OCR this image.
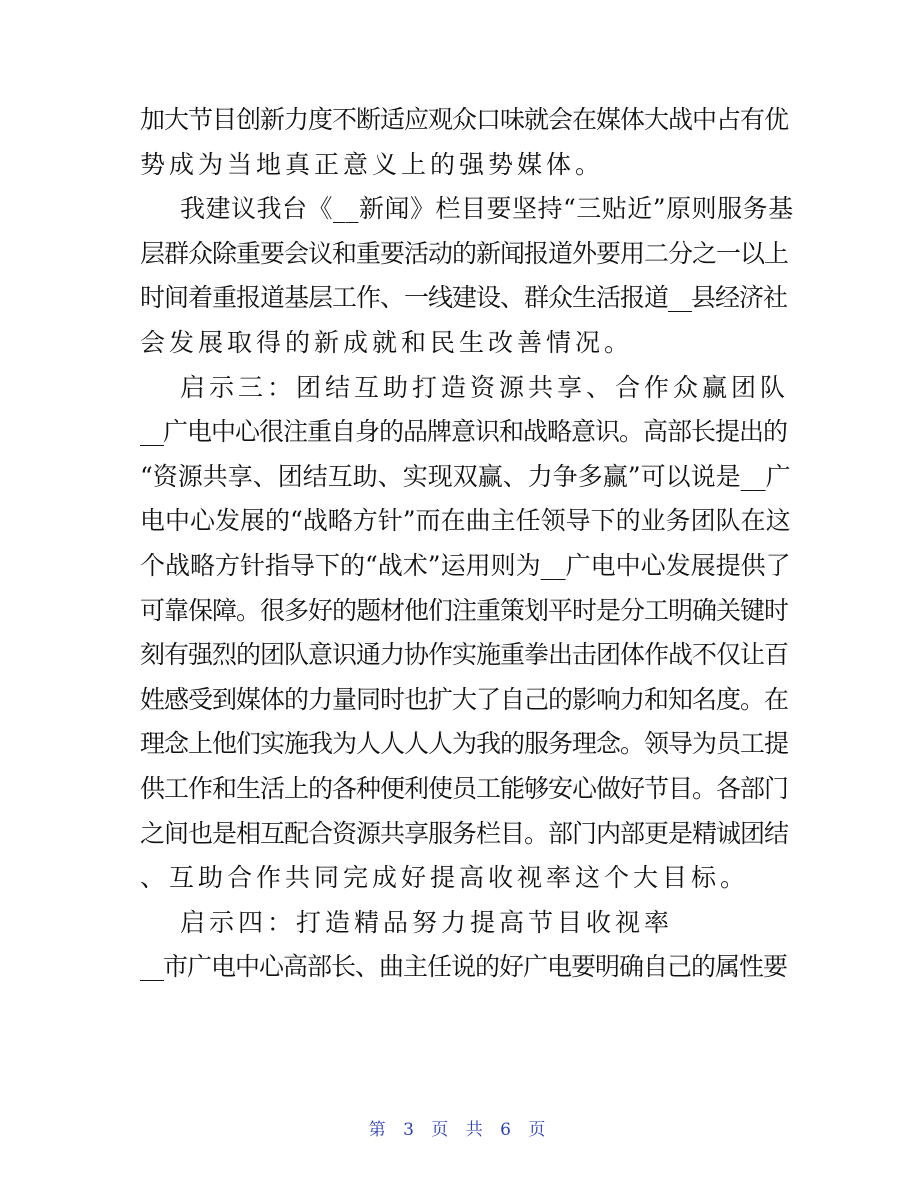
加大节目创新力度不断适应观众口味就会在媒体大战中占有优
势成为当地真正意义上的强势媒体。
我建议我台《__新闻》栏目要坚持“三贴近”原则服务基
层群众除重要会议和重要活动的新闻报道外要用二分之一以上
时间着重报道基层工作、一线建设、群众生活报道__县经济社
会发展取得的新成就和民生改善情况。
启示三：团结互助打造资源共享、合作众赢团队
__广电中心很注重自身的品牌意识和战略意识。高部长提出的
“资源共享、团结互助、实现双赢、力争多赢”可以说是__广
电中心发展的“战略方针”而在曲主任领导下的业务团队在这
个战略方针指导下的“战术”运用则为__广电中心发展提供了
可靠保障。很多好的题材他们注重策划平时是分工明确关键时
刻有强烈的团队意识通力协作实施重拳出击团体作战不仅让百
姓感受到媒体的力量同时也扩大了自己的影响力和知名度。在
理念上他们实施我为人人人人为我的服务理念。领导为员工提
供工作和生活上的各种便利使员工能够安心做好节目。各部门
之间也是相互配合资源共享服务栏目。部门内部更是精诚团结
、互助合作共同完成好提高收视率这个大目标。
启示四：打造精品努力提高节目收视率
__市广电中心高部长、曲主任说的好广电要明确自己的属性要
第 3 页 共 6 页
